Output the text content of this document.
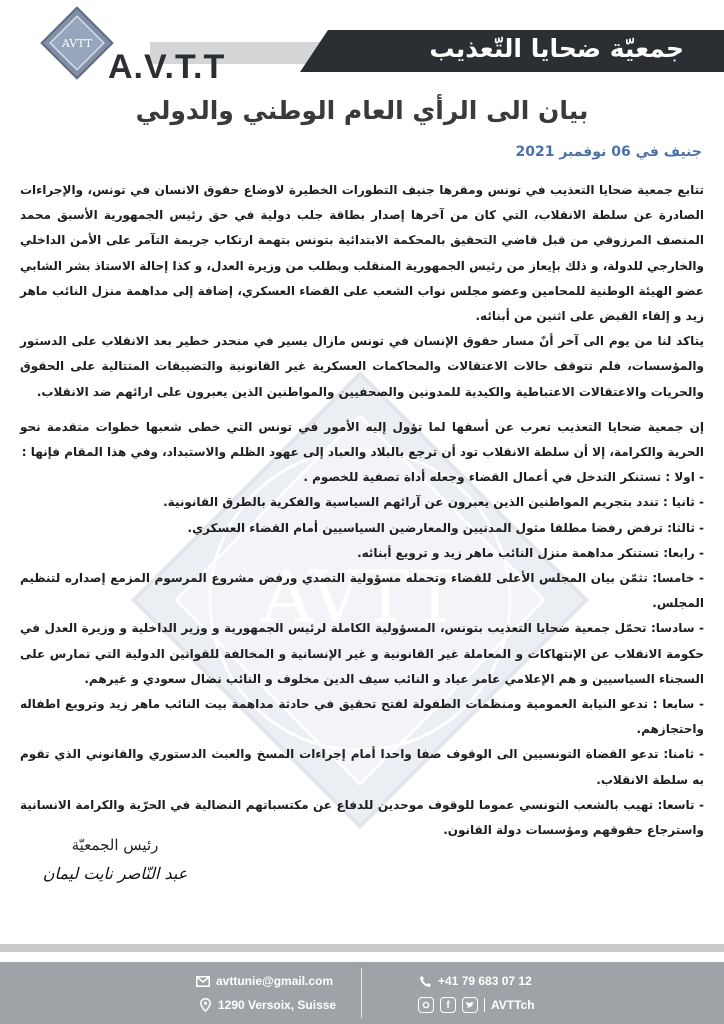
جمعيّة ضحايا التّعذيب
AVTT
A.V.T.T
AVTT
بيان الى الرأي العام الوطني والدولي
جنيف في 06 نوفمبر 2021

تتابع جمعية ضحايا التعذيب في تونس ومقرها جنيف التطورات الخطيرة لاوضاع حقوق الانسان في تونس، والإجراءات الصادرة عن سلطة الانقلاب، التي كان من آخرها إصدار بطاقة جلب دولية في حق رئيس الجمهورية الأسبق محمد المنصف المرزوقي من قبل قاضي التحقيق بالمحكمة الابتدائية بتونس بتهمة ارتكاب جريمة التآمر على الأمن الداخلي والخارجي للدولة، و ذلك بإيعاز من رئيس الجمهورية المنقلب وبطلب من وزيرة العدل، و كذا إحالة الاستاذ بشر الشابي عضو الهيئة الوطنية للمحامين وعضو مجلس نواب الشعب على القضاء العسكري، إضافة إلى مداهمة منزل النائب ماهر زيد و إلقاء القبض على اثنين من أبنائه.

يتاكد لنا من يوم الى آخر أنّ مسار حقوق الإنسان في تونس مازال يسير في منحدر خطير بعد الانقلاب على الدستور والمؤسسات، فلم تتوقف حالات الاعتقالات والمحاكمات العسكرية غير القانونية والتضييقات المتتالية على الحقوق والحريات والاعتقالات الاعتباطية والكيدية للمدونين والصحفيين والمواطنين الذين يعبرون على ارائهم ضد الانقلاب.

إن جمعية ضحايا التعذيب تعرب عن أسفها لما تؤول إليه الأمور في تونس التي خطى شعبها خطوات متقدمة نحو الحرية والكرامة، إلا أن سلطة الانقلاب تود أن ترجع بالبلاد والعباد إلى عهود الظلم والاستبداد، وفي هذا المقام فإنها :

- اولا : تستنكر التدخل في أعمال القضاء وجعله أداة تصفية للخصوم .

- ثانيا : تندد بتجريم المواطنين الذين يعبرون عن آرائهم السياسية والفكرية بالطرق القانونية.

- ثالثا: ترفض رفضا مطلقا مثول المدنيين والمعارضين السياسيين أمام القضاء العسكري.

- رابعا: تستنكر مداهمة منزل النائب ماهر زيد و ترويع أبنائه.

- خامسا: تثمّن بيان المجلس الأعلى للقضاء وتحمله مسؤولية التصدي ورفض مشروع المرسوم المزمع إصداره لتنظيم المجلس.

- سادسا: تحمّل جمعية ضحايا التعذيب بتونس، المسؤولية الكاملة لرئيس الجمهورية و وزير الداخلية و وزيرة العدل في حكومة الانقلاب عن الإنتهاكات و المعاملة غير القانونية و غير الإنسانية و المخالفة للقوانين الدولية التي تمارس على السجناء السياسيين و هم الإعلامي عامر عياد و النائب سيف الدين مخلوف و النائب نضال سعودي و غيرهم.

- سابعا : تدعو النيابة العمومية ومنظمات الطفولة لفتح تحقيق في حادثة مداهمة بيت النائب ماهر زيد وترويع اطفاله واحتجازهم.

- ثامنا: تدعو القضاة التونسيين الى الوقوف صفا واحدا أمام إجراءات المسخ والعبث الدستوري والقانوني الذي تقوم به سلطة الانقلاب.

- تاسعا: تهيب بالشعب التونسي عموما للوقوف موحدين للدفاع عن مكتسباتهم النضالية في الحرّية والكرامة الانسانية واسترجاع حقوقهم ومؤسسات دولة القانون.

رئيس الجمعيّة
عبد النّاصر نايت ليمان
avttunie@gmail.com
1290 Versoix, Suisse
+41 79 683 07 12
f	AVTTch
